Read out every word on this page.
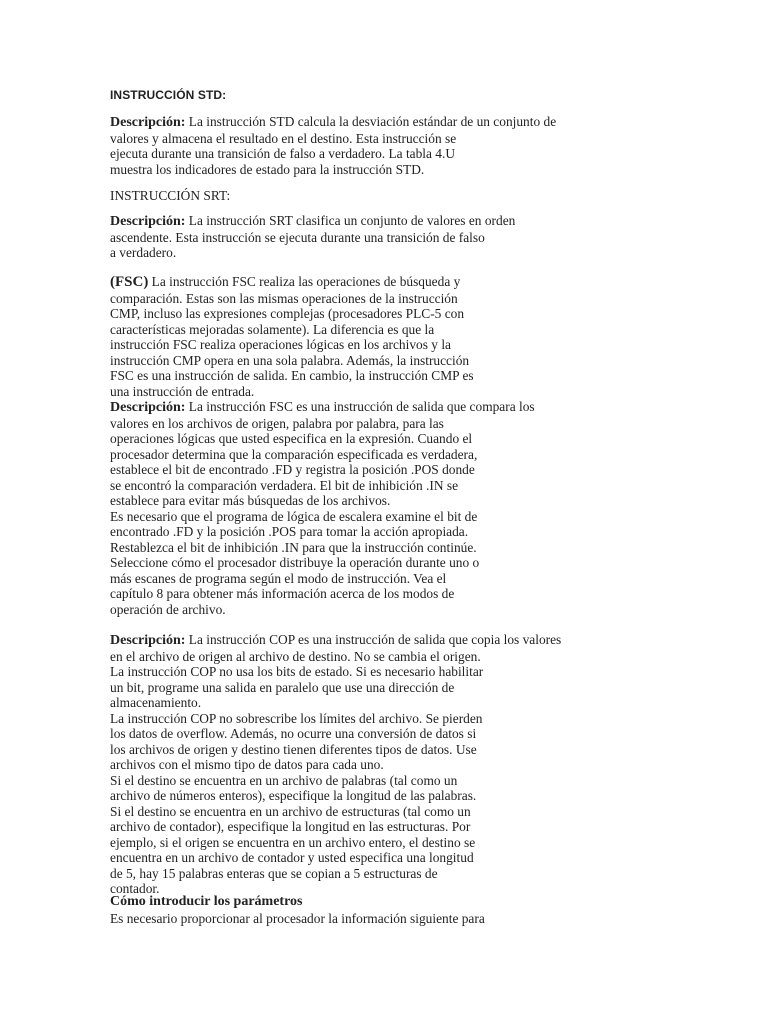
INSTRUCCIÓN STD:
Descripción: La instrucción STD calcula la desviación estándar de un conjunto de
valores y almacena el resultado en el destino. Esta instrucción se
ejecuta durante una transición de falso a verdadero. La tabla 4.U
muestra los indicadores de estado para la instrucción STD.
INSTRUCCIÓN SRT:
Descripción: La instrucción SRT clasifica un conjunto de valores en orden
ascendente. Esta instrucción se ejecuta durante una transición de falso
a verdadero.
(FSC) La instrucción FSC realiza las operaciones de búsqueda y
comparación. Estas son las mismas operaciones de la instrucción
CMP, incluso las expresiones complejas (procesadores PLC-5 con
características mejoradas solamente). La diferencia es que la
instrucción FSC realiza operaciones lógicas en los archivos y la
instrucción CMP opera en una sola palabra. Además, la instrucción
FSC es una instrucción de salida. En cambio, la instrucción CMP es
una instrucción de entrada.
Descripción: La instrucción FSC es una instrucción de salida que compara los
valores en los archivos de origen, palabra por palabra, para las
operaciones lógicas que usted especifica en la expresión. Cuando el
procesador determina que la comparación especificada es verdadera,
establece el bit de encontrado .FD y registra la posición .POS donde
se encontró la comparación verdadera. El bit de inhibición .IN se
establece para evitar más búsquedas de los archivos.
Es necesario que el programa de lógica de escalera examine el bit de
encontrado .FD y la posición .POS para tomar la acción apropiada.
Restablezca el bit de inhibición .IN para que la instrucción continúe.
Seleccione cómo el procesador distribuye la operación durante uno o
más escanes de programa según el modo de instrucción. Vea el
capítulo 8 para obtener más información acerca de los modos de
operación de archivo.
Descripción: La instrucción COP es una instrucción de salida que copia los valores
en el archivo de origen al archivo de destino. No se cambia el origen.
La instrucción COP no usa los bits de estado. Si es necesario habilitar
un bit, programe una salida en paralelo que use una dirección de
almacenamiento.
La instrucción COP no sobrescribe los límites del archivo. Se pierden
los datos de overflow. Además, no ocurre una conversión de datos si
los archivos de origen y destino tienen diferentes tipos de datos. Use
archivos con el mismo tipo de datos para cada uno.
Si el destino se encuentra en un archivo de palabras (tal como un
archivo de números enteros), especifique la longitud de las palabras.
Si el destino se encuentra en un archivo de estructuras (tal como un
archivo de contador), especifique la longitud en las estructuras. Por
ejemplo, si el origen se encuentra en un archivo entero, el destino se
encuentra en un archivo de contador y usted especifica una longitud
de 5, hay 15 palabras enteras que se copian a 5 estructuras de
contador.
Cómo introducir los parámetros
Es necesario proporcionar al procesador la información siguiente para
